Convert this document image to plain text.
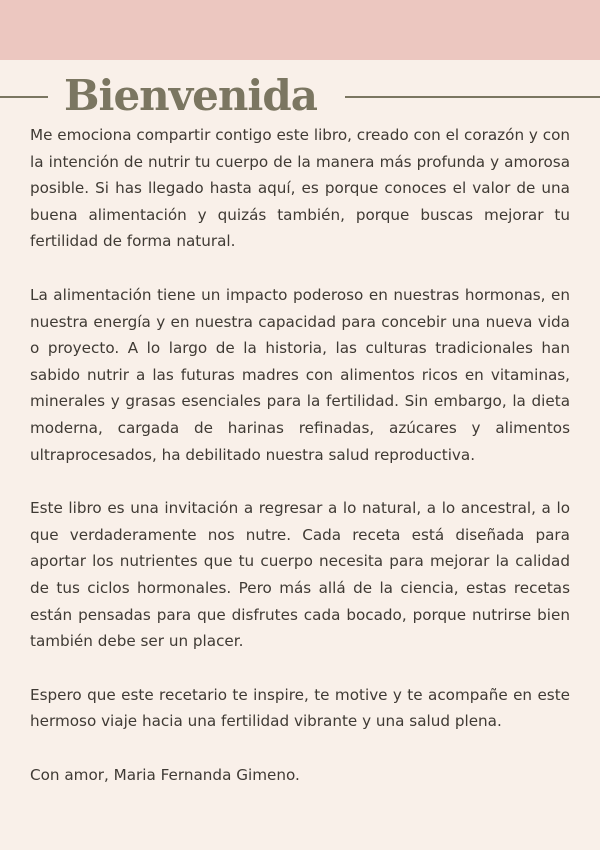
Bienvenida

Me emociona compartir contigo este libro, creado con el corazón y con la intención de nutrir tu cuerpo de la manera más profunda y amorosa posible. Si has llegado hasta aquí, es porque conoces el valor de una buena alimentación y quizás también, porque buscas mejorar tu fertilidad de forma natural.

La alimentación tiene un impacto poderoso en nuestras hormonas, en nuestra energía y en nuestra capacidad para concebir una nueva vida o proyecto. A lo largo de la historia, las culturas tradicionales han sabido nutrir a las futuras madres con alimentos ricos en vitaminas, minerales y grasas esenciales para la fertilidad. Sin embargo, la dieta moderna, cargada de harinas refinadas, azúcares y alimentos ultraprocesados, ha debilitado nuestra salud reproductiva.

Este libro es una invitación a regresar a lo natural, a lo ancestral, a lo que verdaderamente nos nutre. Cada receta está diseñada para aportar los nutrientes que tu cuerpo necesita para mejorar la calidad de tus ciclos hormonales. Pero más allá de la ciencia, estas recetas están pensadas para que disfrutes cada bocado, porque nutrirse bien también debe ser un placer.

Espero que este recetario te inspire, te motive y te acompañe en este hermoso viaje hacia una fertilidad vibrante y una salud plena.

Con amor, Maria Fernanda Gimeno.
